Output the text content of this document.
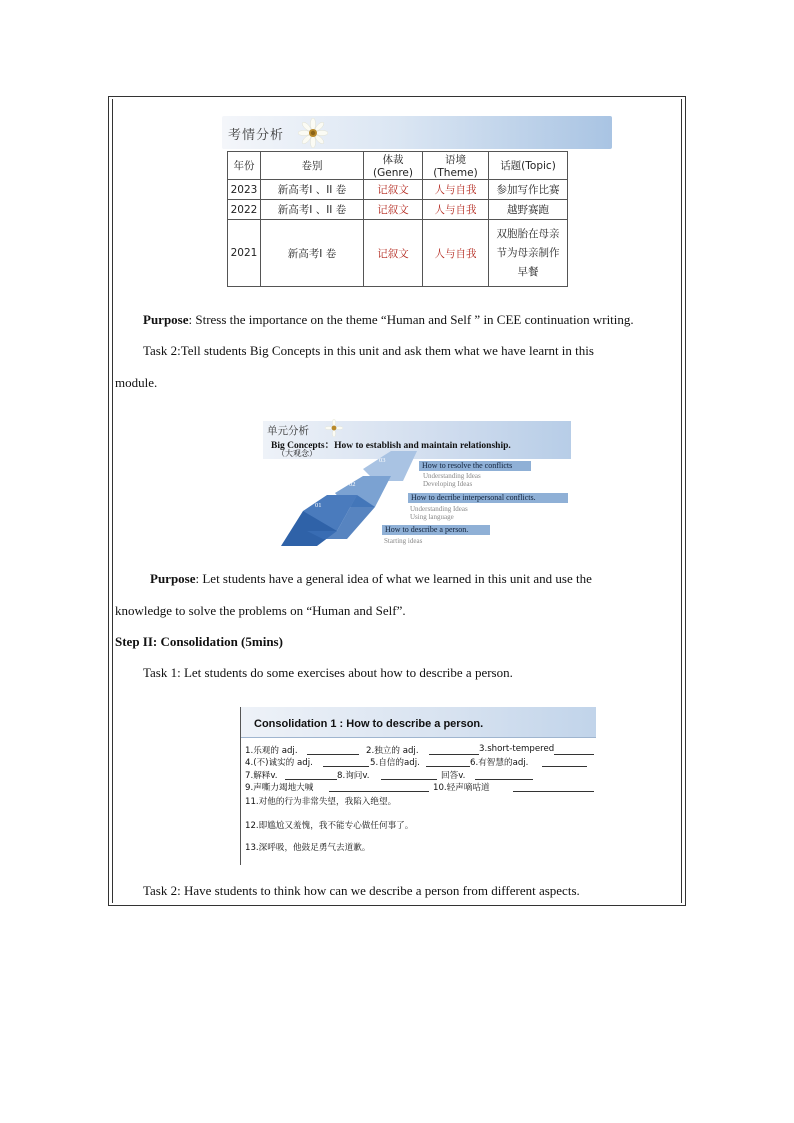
考情分析
年份	卷别	体裁(Genre)	语境(Theme)	话题(Topic)
2023	新高考I 、II 卷	记叙文	人与自我	参加写作比赛
2022	新高考I 、II 卷	记叙文	人与自我	越野赛跑
2021	新高考I 卷	记叙文	人与自我	双胞胎在母亲
节为母亲制作
早餐
Purpose: Stress the importance on the theme “Human and Self ” in CEE continuation writing.
Task 2:Tell students Big Concepts in this unit and ask them what we have learnt in this
module.
单元分析
Big Concepts：How to establish and maintain relationship.
（大观念）
01
02
03
How to resolve the conflicts
Understanding Ideas
Developing Ideas
How to decribe interpersonal conflicts.
Understanding Ideas
Using language
How to describe a person.
Starting ideas
Purpose: Let students have a general idea of what we learned in this unit and use the
knowledge to solve the problems on “Human and Self”.
Step II: Consolidation (5mins)
Task 1: Let students do some exercises about how to describe a person.
Consolidation 1 : How to describe a person.
1.乐观的 adj.	2.独立的 adj.	3.short-tempered
4.(不)诚实的 adj.	5.自信的adj.	6.有智慧的adj.
7.解释v.	8.询问v.	回答v.
9.声嘶力竭地大喊	10.轻声嘀咕道
11.对他的行为非常失望，我陷入绝望。
12.即尴尬又羞愧，我不能专心做任何事了。
13.深呼吸，他鼓足勇气去道歉。
Task 2: Have students to think how can we describe a person from different aspects.
